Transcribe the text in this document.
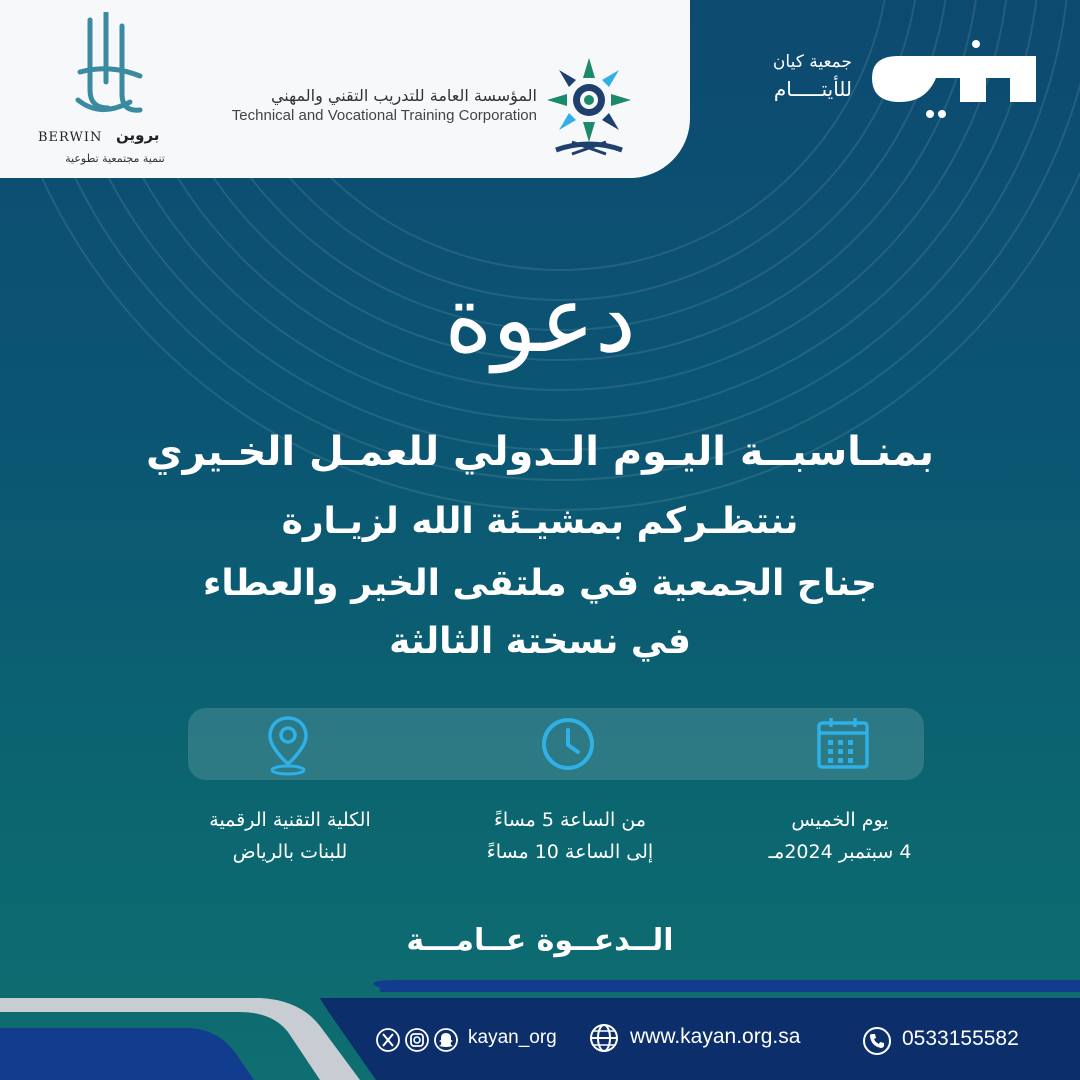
BERWIN بروين
تنمية مجتمعية تطوعية
المؤسسة العامة للتدريب التقني والمهني
Technical and Vocational Training Corporation
جمعية كيان
للأيتـــــام
دعوة
بمنـاسبــة اليـوم الـدولي للعمـل الخـيري
ننتظـركم بمشيـئة الله لزيـارة
جناح الجمعية في ملتقى الخير والعطاء
في نسختة الثالثة
يوم الخميس
4 سبتمبر 2024مـ
من الساعة 5 مساءً
إلى الساعة 10 مساءً
الكلية التقنية الرقمية
للبنات بالرياض
الــدعــوة عــامـــة
0533155582
www.kayan.org.sa
kayan_org
